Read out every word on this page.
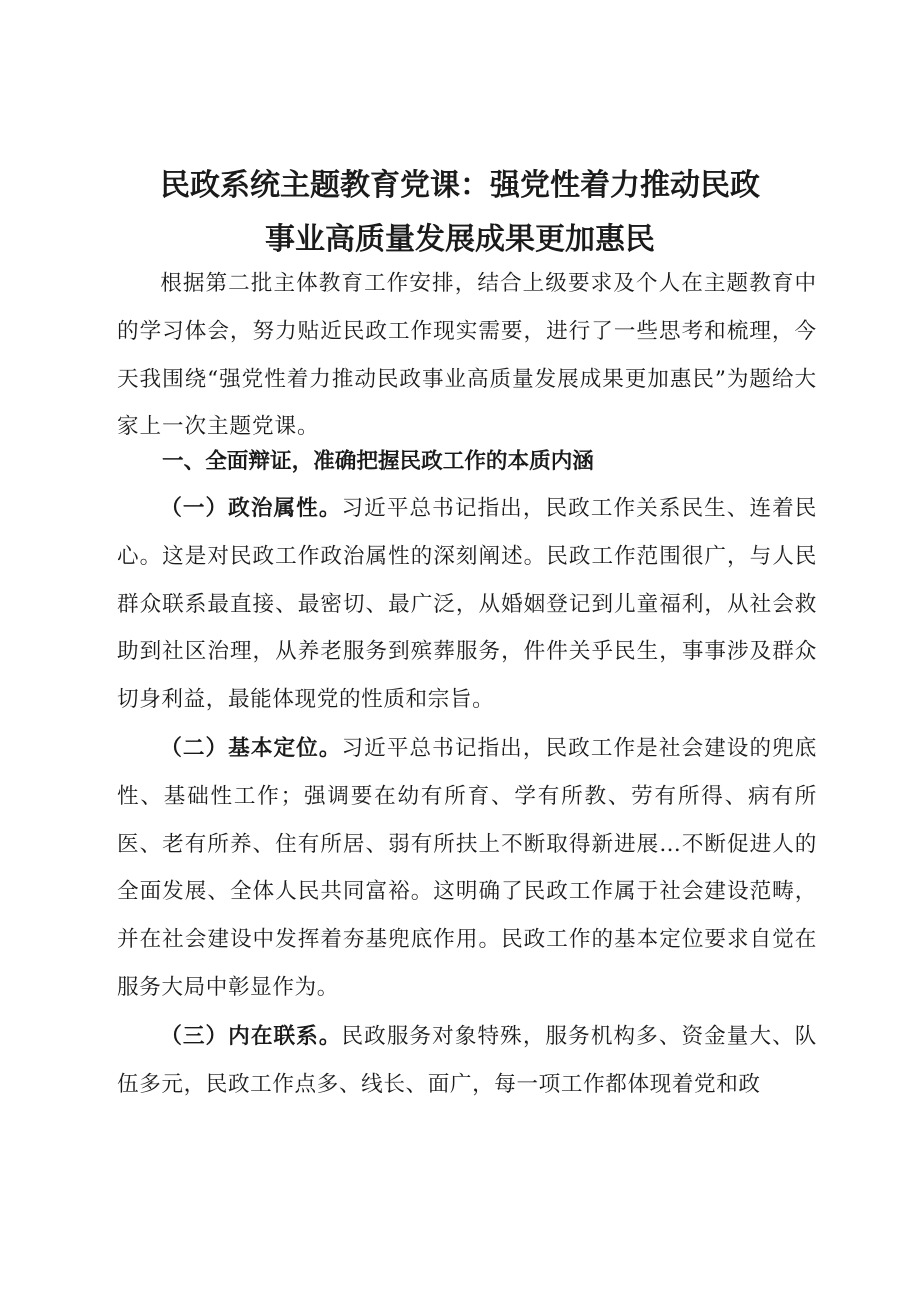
民政系统主题教育党课：强党性着力推动民政
事业高质量发展成果更加惠民

根据第二批主体教育工作安排，结合上级要求及个人在主题教育中的学习体会，努力贴近民政工作现实需要，进行了一些思考和梳理，今天我围绕“强党性着力推动民政事业高质量发展成果更加惠民”为题给大家上一次主题党课。

一、全面辩证，准确把握民政工作的本质内涵

（一）政治属性。习近平总书记指出，民政工作关系民生、连着民心。这是对民政工作政治属性的深刻阐述。民政工作范围很广，与人民群众联系最直接、最密切、最广泛，从婚姻登记到儿童福利，从社会救助到社区治理，从养老服务到殡葬服务，件件关乎民生，事事涉及群众切身利益，最能体现党的性质和宗旨。

（二）基本定位。习近平总书记指出，民政工作是社会建设的兜底性、基础性工作；强调要在幼有所育、学有所教、劳有所得、病有所医、老有所养、住有所居、弱有所扶上不断取得新进展…不断促进人的全面发展、全体人民共同富裕。这明确了民政工作属于社会建设范畴，并在社会建设中发挥着夯基兜底作用。民政工作的基本定位要求自觉在服务大局中彰显作为。

（三）内在联系。民政服务对象特殊，服务机构多、资金量大、队伍多元，民政工作点多、线长、面广，每一项工作都体现着党和政
